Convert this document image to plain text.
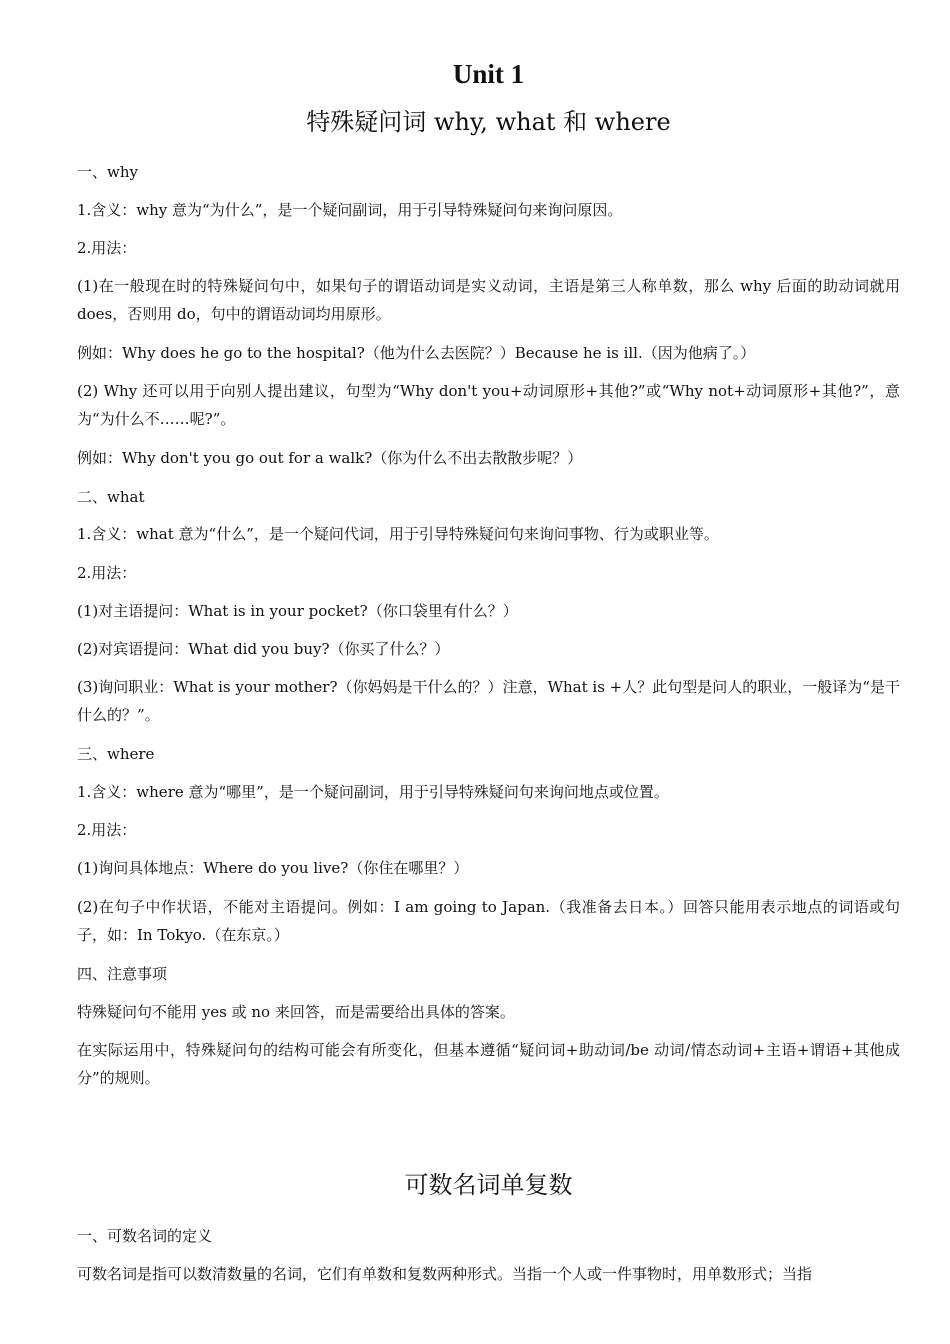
Unit 1
特殊疑问词 why, what 和 where

一、why

1.含义：why 意为“为什么”，是一个疑问副词，用于引导特殊疑问句来询问原因。

2.用法：

(1)在一般现在时的特殊疑问句中，如果句子的谓语动词是实义动词，主语是第三人称单数，那么 why 后面的助动词就用 does，否则用 do，句中的谓语动词均用原形。

例如：Why does he go to the hospital?（他为什么去医院？）Because he is ill.（因为他病了。）

(2) Why 还可以用于向别人提出建议，句型为“Why don't you+动词原形+其他?”或“Why not+动词原形+其他?”，意为“为什么不……呢?”。

例如：Why don't you go out for a walk?（你为什么不出去散散步呢？）

二、what

1.含义：what 意为“什么”，是一个疑问代词，用于引导特殊疑问句来询问事物、行为或职业等。

2.用法：

(1)对主语提问：What is in your pocket?（你口袋里有什么？）

(2)对宾语提问：What did you buy?（你买了什么？）

(3)询问职业：What is your mother?（你妈妈是干什么的？）注意，What is +人？此句型是问人的职业，一般译为“是干什么的？”。

三、where

1.含义：where 意为“哪里”，是一个疑问副词，用于引导特殊疑问句来询问地点或位置。

2.用法：

(1)询问具体地点：Where do you live?（你住在哪里？）

(2)在句子中作状语，不能对主语提问。例如：I am going to Japan.（我准备去日本。）回答只能用表示地点的词语或句子，如：In Tokyo.（在东京。）

四、注意事项

特殊疑问句不能用 yes 或 no 来回答，而是需要给出具体的答案。

在实际运用中，特殊疑问句的结构可能会有所变化，但基本遵循“疑问词+助动词/be 动词/情态动词+主语+谓语+其他成分”的规则。

可数名词单复数

一、可数名词的定义

可数名词是指可以数清数量的名词，它们有单数和复数两种形式。当指一个人或一件事物时，用单数形式；当指
